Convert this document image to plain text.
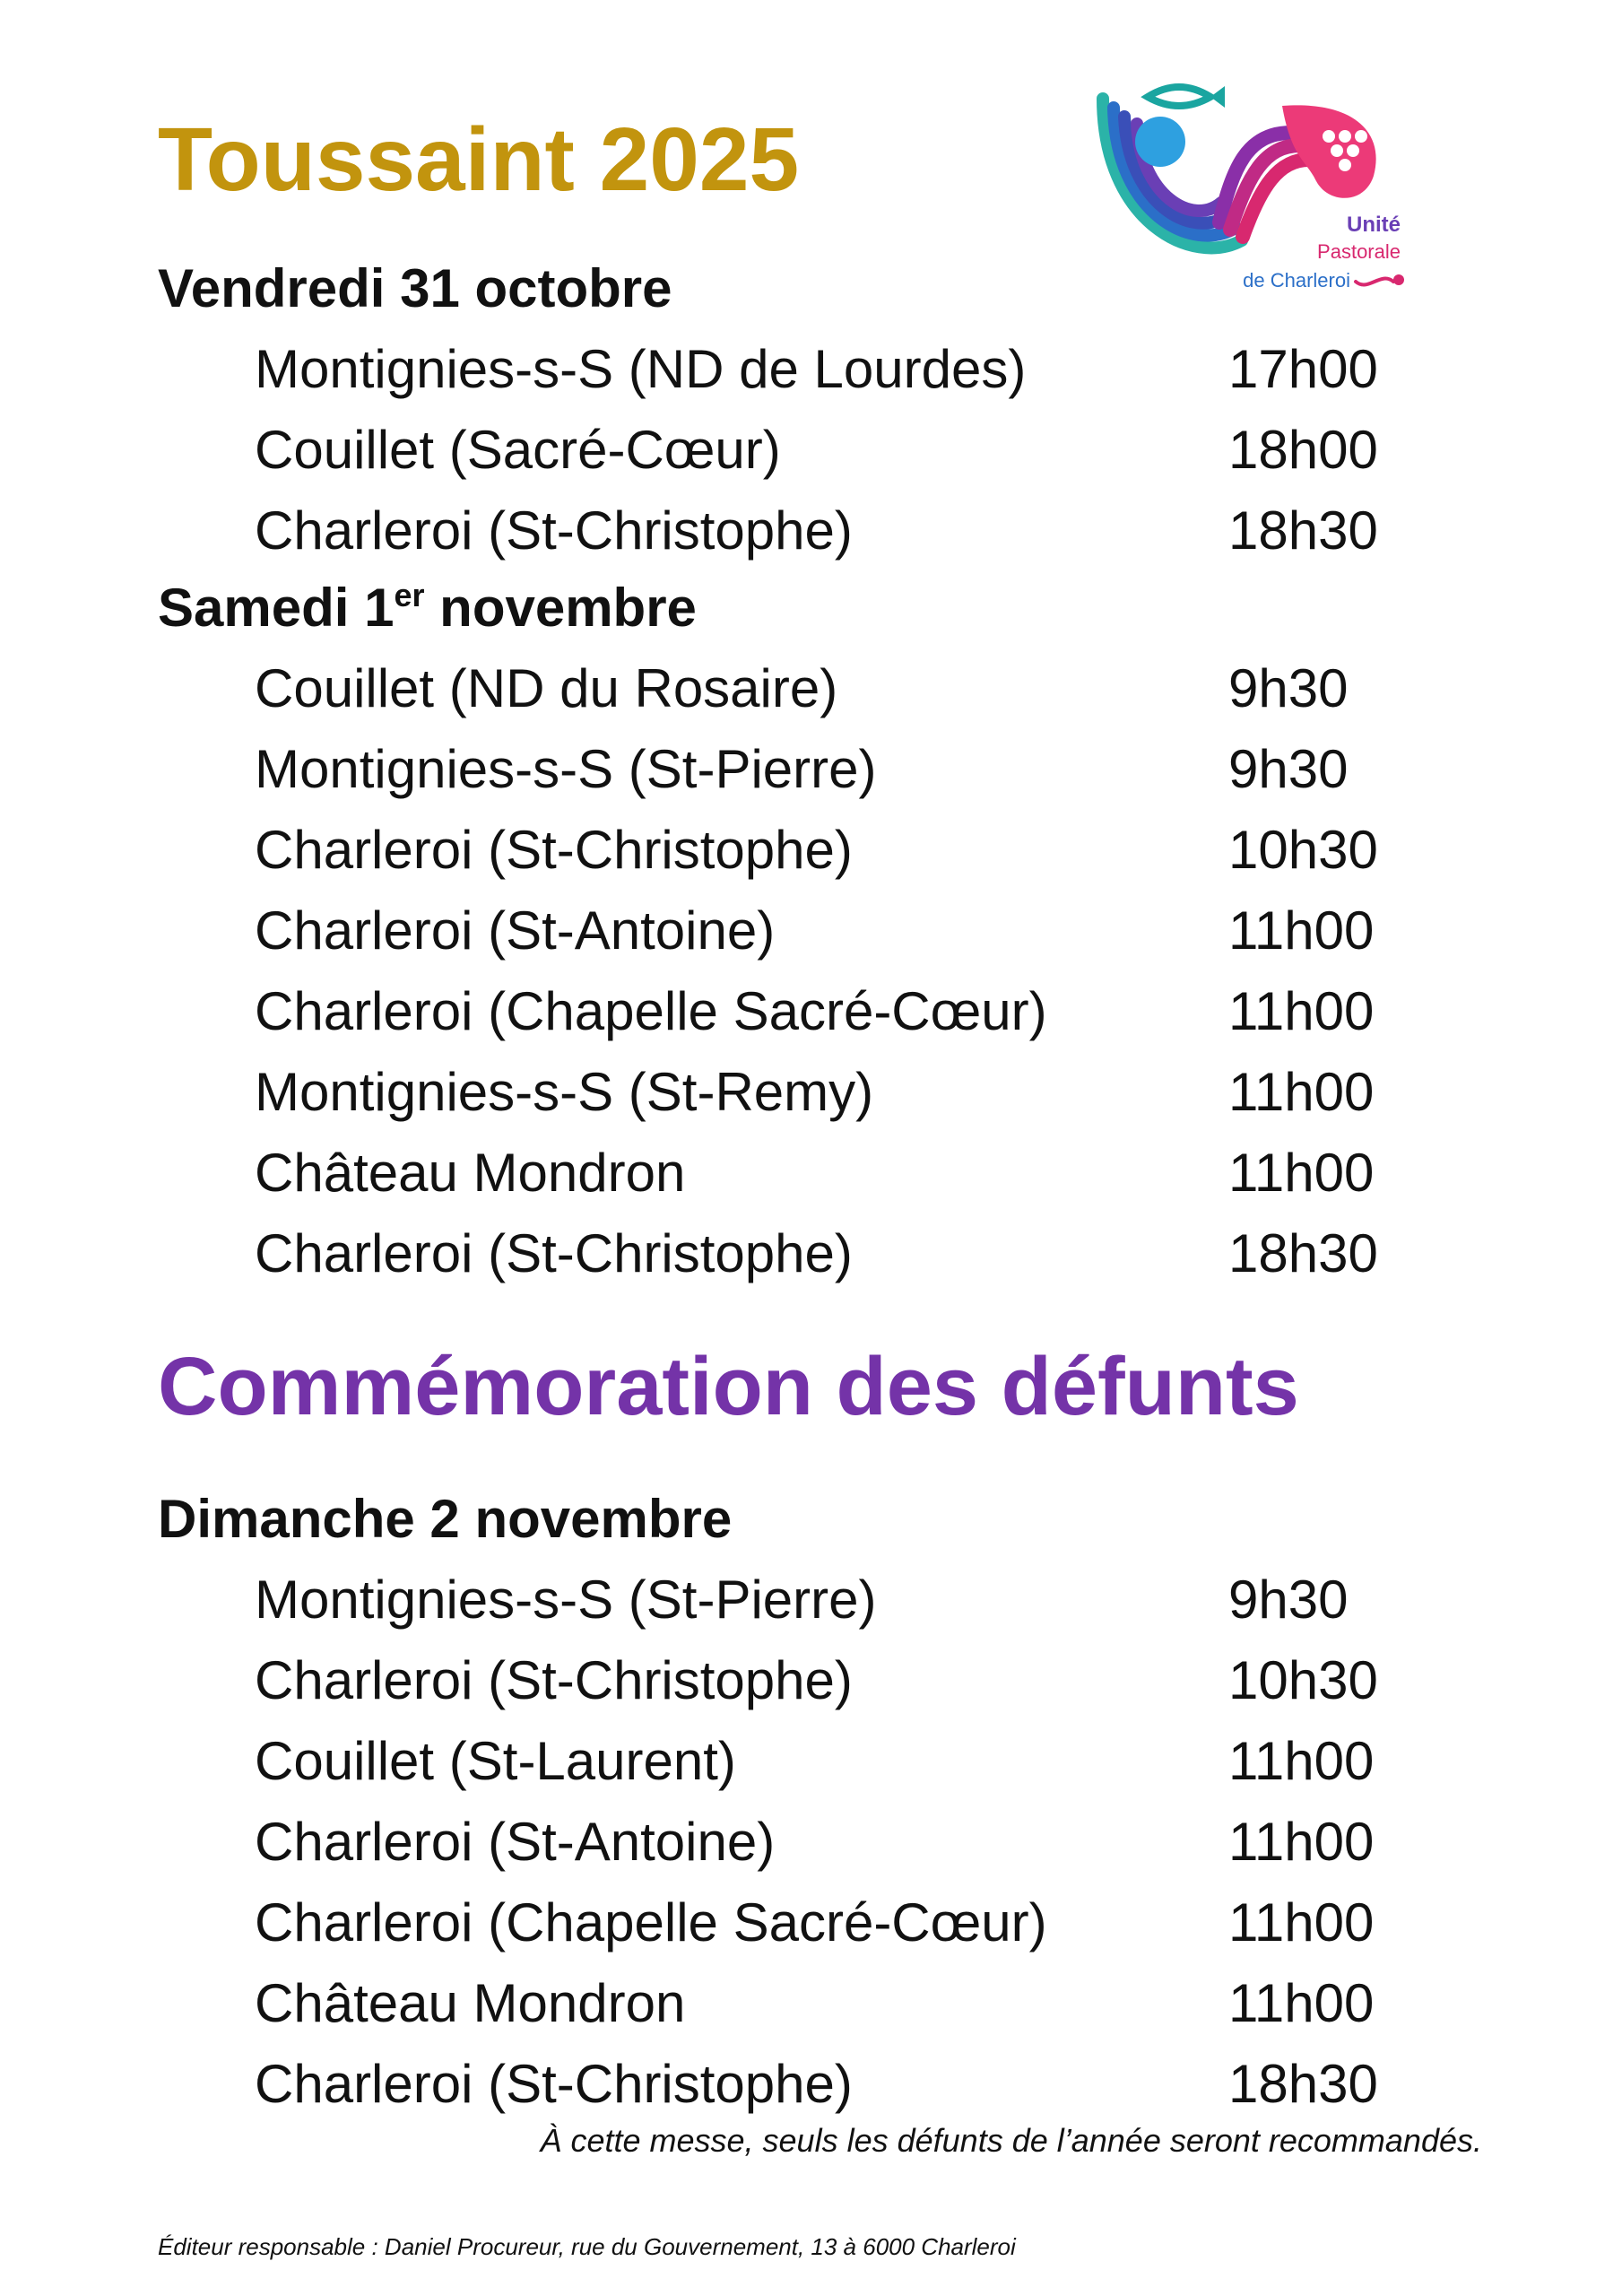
Unité
Pastorale
de Charleroi
Toussaint 2025
Vendredi 31 octobre
Montignies-s-S (ND de Lourdes)	17h00
Couillet (Sacré-Cœur)	18h00
Charleroi (St-Christophe)	18h30
Samedi 1er novembre
Couillet (ND du Rosaire)	9h30
Montignies-s-S (St-Pierre)	9h30
Charleroi (St-Christophe)	10h30
Charleroi (St-Antoine)	11h00
Charleroi (Chapelle Sacré-Cœur)	11h00
Montignies-s-S (St-Remy)	11h00
Château Mondron	11h00
Charleroi (St-Christophe)	18h30
Commémoration des défunts
Dimanche 2 novembre
Montignies-s-S (St-Pierre)	9h30
Charleroi (St-Christophe)	10h30
Couillet (St-Laurent)	11h00
Charleroi (St-Antoine)	11h00
Charleroi (Chapelle Sacré-Cœur)	11h00
Château Mondron	11h00
Charleroi (St-Christophe)	18h30

À cette messe, seuls les défunts de l’année seront recommandés.

Éditeur responsable : Daniel Procureur, rue du Gouvernement, 13 à 6000 Charleroi
